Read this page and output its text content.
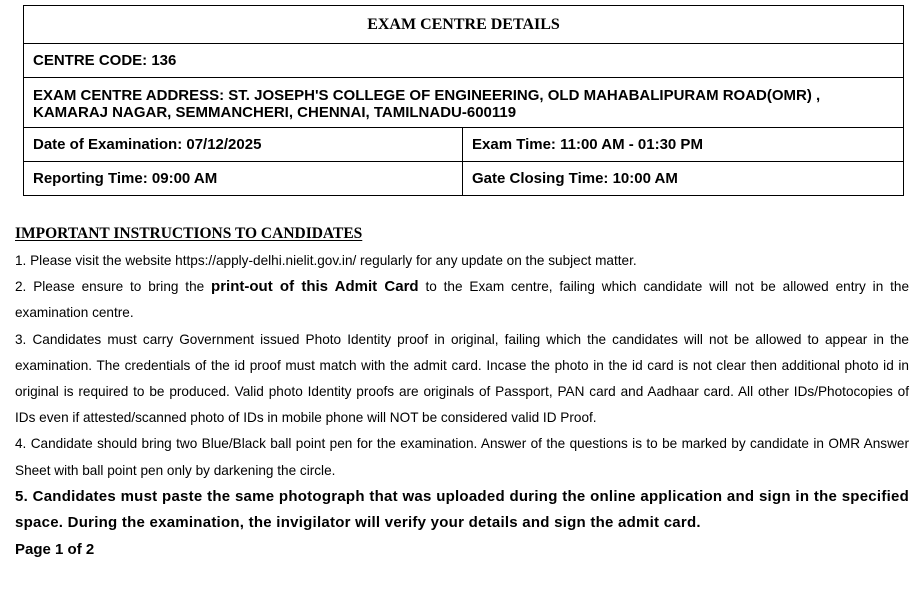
EXAM CENTRE DETAILS	
CENTRE CODE: 136	

EXAM CENTRE ADDRESS: ST. JOSEPH'S COLLEGE OF ENGINEERING, OLD MAHABALIPURAM ROAD(OMR) ,
KAMARAJ NAGAR, SEMMANCHERI, CHENNAI, TAMILNADU-600119	

Date of Examination: 07/12/2025	Exam Time: 11:00 AM - 01:30 PM
Reporting Time: 09:00 AM	Gate Closing Time: 10:00 AM
IMPORTANT INSTRUCTIONS TO CANDIDATES

1. Please visit the website https://apply-delhi.nielit.gov.in/ regularly for any update on the subject matter.

2. Please ensure to bring the print-out of this Admit Card to the Exam centre, failing which candidate will not be allowed entry in the examination centre.

3. Candidates must carry Government issued Photo Identity proof in original, failing which the candidates will not be allowed to appear in the examination. The credentials of the id proof must match with the admit card. Incase the photo in the id card is not clear then additional photo id in original is required to be produced. Valid photo Identity proofs are originals of Passport, PAN card and Aadhaar card. All other IDs/Photocopies of IDs even if attested/scanned photo of IDs in mobile phone will NOT be considered valid ID Proof.

4. Candidate should bring two Blue/Black ball point pen for the examination. Answer of the questions is to be marked by candidate in OMR Answer Sheet with ball point pen only by darkening the circle.

5. Candidates must paste the same photograph that was uploaded during the online application and sign in the specified space. During the examination, the invigilator will verify your details and sign the admit card.

Page 1 of 2
